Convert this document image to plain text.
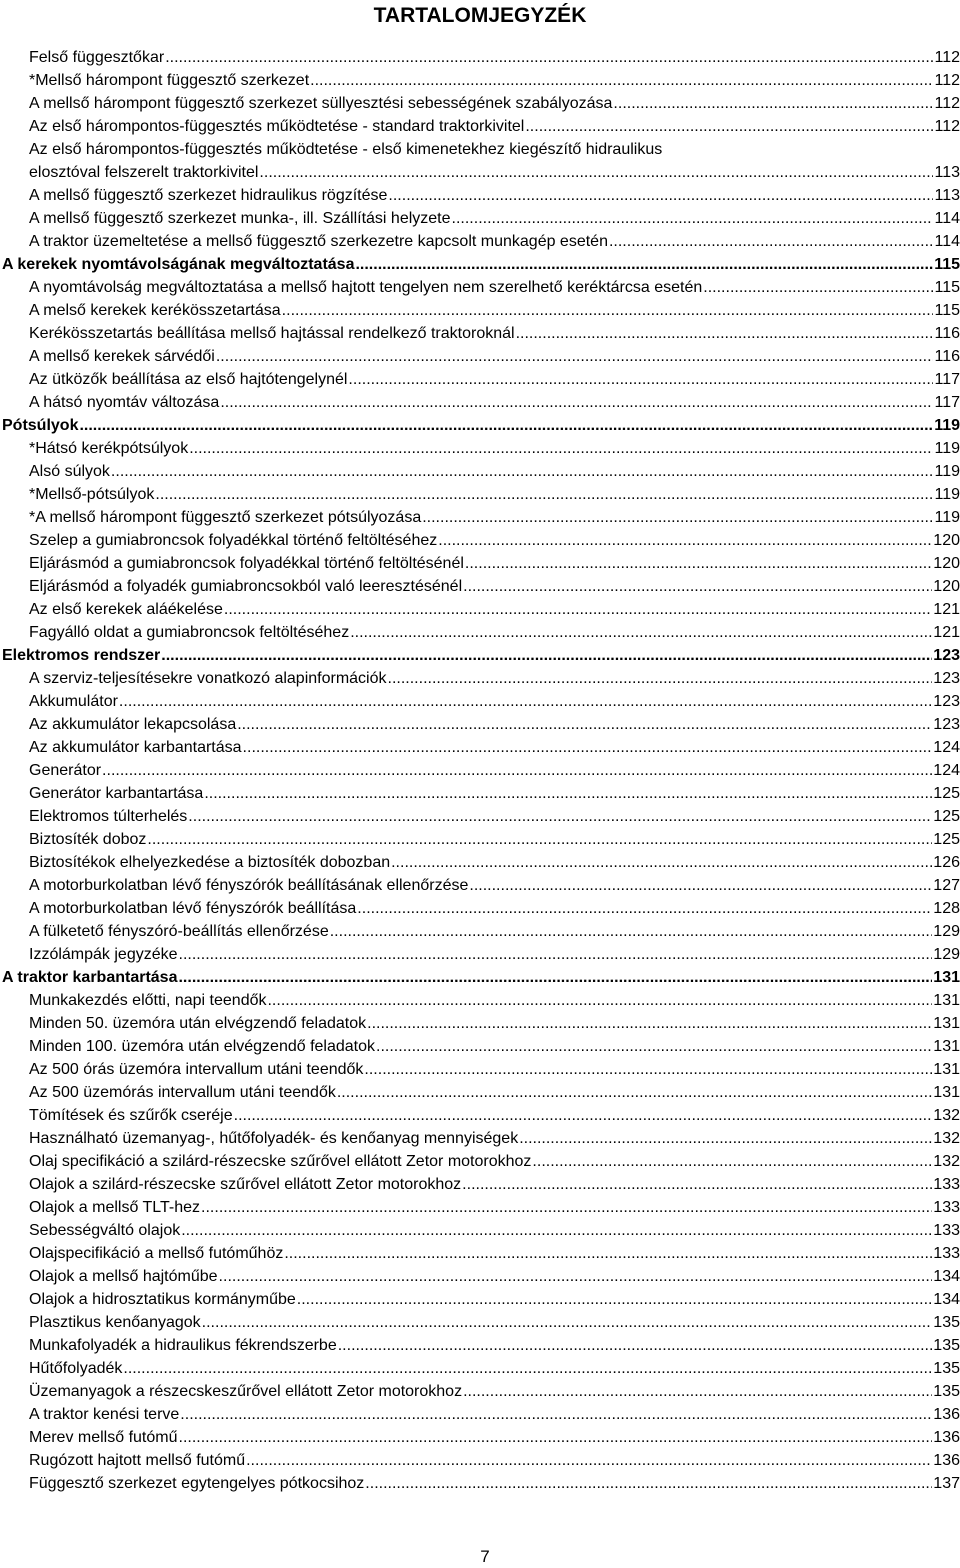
TARTALOMJEGYZÉK
Felső függesztőkar .....	112
*Mellső hárompont függesztő szerkezet .....	112
A mellső hárompont függesztő szerkezet süllyesztési sebességének szabályozása .....	112
Az első hárompontos-függesztés működtetése - standard traktorkivitel .....	112
Az első hárompontos-függesztés működtetése - első kimenetekhez kiegészítő hidraulikus
elosztóval felszerelt traktorkivitel .....	113
A mellső függesztő szerkezet hidraulikus rögzítése .....	113
A mellső függesztő szerkezet munka-, ill. Szállítási helyzete .....	114
A traktor üzemeltetése a mellső függesztő szerkezetre kapcsolt munkagép esetén .....	114
A kerekek nyomtávolságának megváltoztatása .....	115
A nyomtávolság megváltoztatása a mellső hajtott tengelyen nem szerelhető keréktárcsa esetén .....	115
A melső kerekek kerékösszetartása .....	115
Kerékösszetartás beállítása mellső hajtással rendelkező traktoroknál .....	116
A mellső kerekek sárvédői .....	116
Az ütközők beállítása az első hajtótengelynél .....	117
A hátsó nyomtáv változása .....	117
Pótsúlyok .....	119
*Hátsó kerékpótsúlyok .....	119
Alsó súlyok .....	119
*Mellső-pótsúlyok .....	119
*A mellső hárompont függesztő szerkezet pótsúlyozása .....	119
Szelep a gumiabroncsok folyadékkal történő feltöltéséhez .....	120
Eljárásmód a gumiabroncsok folyadékkal történő feltöltésénél .....	120
Eljárásmód a folyadék gumiabroncsokból való leeresztésénél .....	120
Az első kerekek aláékelése .....	121
Fagyálló oldat a gumiabroncsok feltöltéséhez .....	121
Elektromos rendszer .....	123
A szerviz-teljesítésekre vonatkozó alapinformációk .....	123
Akkumulátor .....	123
Az akkumulátor lekapcsolása .....	123
Az akkumulátor karbantartása .....	124
Generátor .....	124
Generátor karbantartása .....	125
Elektromos túlterhelés .....	125
Biztosíték doboz .....	125
Biztosítékok elhelyezkedése a biztosíték dobozban .....	126
A motorburkolatban lévő fényszórók beállításának ellenőrzése .....	127
A motorburkolatban lévő fényszórók beállítása .....	128
A fülketető fényszóró-beállítás ellenőrzése .....	129
Izzólámpák jegyzéke .....	129
A traktor karbantartása .....	131
Munkakezdés előtti, napi teendők .....	131
Minden 50. üzemóra után elvégzendő feladatok .....	131
Minden 100. üzemóra után elvégzendő feladatok .....	131
Az 500 órás üzemóra intervallum utáni teendők .....	131
Az 500 üzemórás intervallum utáni teendők .....	131
Tömítések és szűrők cseréje .....	132
Használható üzemanyag-, hűtőfolyadék- és kenőanyag mennyiségek .....	132
Olaj specifikáció a szilárd-részecske szűrővel ellátott Zetor motorokhoz .....	132
Olajok a szilárd-részecske szűrővel ellátott Zetor motorokhoz .....	133
Olajok a mellső TLT-hez .....	133
Sebességváltó olajok .....	133
Olajspecifikáció a mellső futóműhöz .....	133
Olajok a mellső hajtóműbe .....	134
Olajok a hidrosztatikus kormányműbe .....	134
Plasztikus kenőanyagok .....	135
Munkafolyadék a hidraulikus fékrendszerbe .....	135
Hűtőfolyadék .....	135
Üzemanyagok a részecskeszűrővel ellátott Zetor motorokhoz .....	135
A traktor kenési terve .....	136
Merev mellső futómű .....	136
Rugózott hajtott mellső futómű .....	136
Függesztő szerkezet egytengelyes pótkocsihoz .....	137
7
